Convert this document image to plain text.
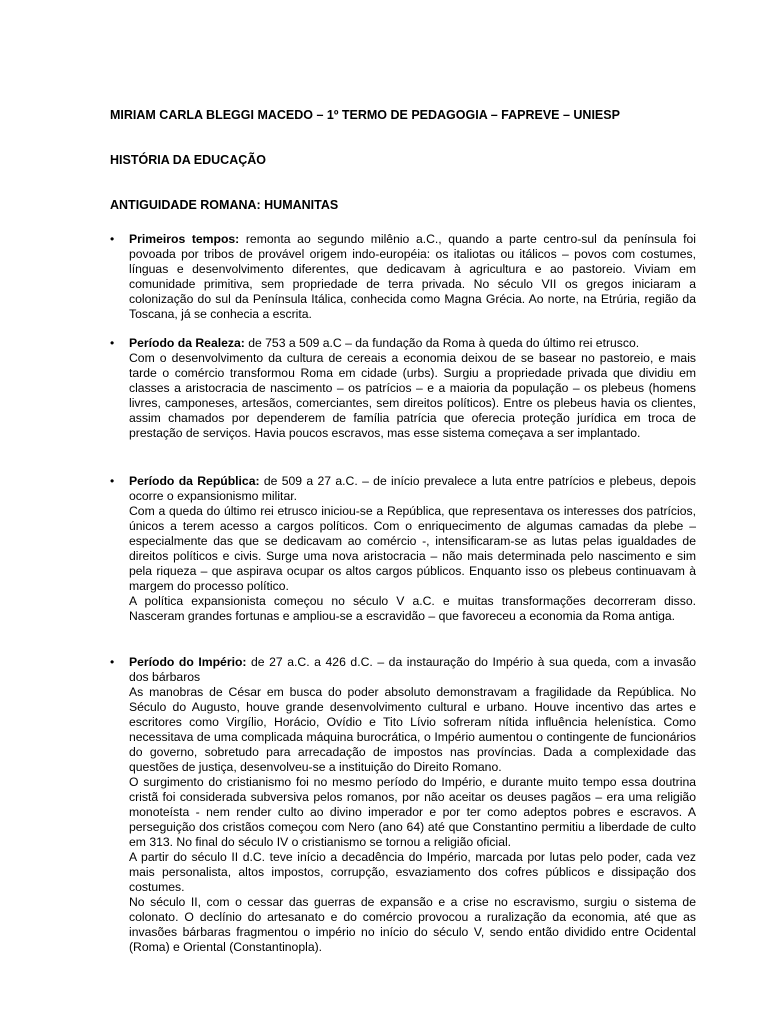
MIRIAM CARLA BLEGGI MACEDO – 1º TERMO DE PEDAGOGIA – FAPREVE – UNIESP
HISTÓRIA DA EDUCAÇÃO
ANTIGUIDADE ROMANA: HUMANITAS
• Primeiros tempos: remonta ao segundo milênio a.C., quando a parte centro-sul da península foi povoada por tribos de provável origem indo-européia: os italiotas ou itálicos – povos com costumes, línguas e desenvolvimento diferentes, que dedicavam à agricultura e ao pastoreio. Viviam em comunidade primitiva, sem propriedade de terra privada. No século VII os gregos iniciaram a colonização do sul da Península Itálica, conhecida como Magna Grécia. Ao norte, na Etrúria, região da Toscana, já se conhecia a escrita.

• Período da Realeza: de 753 a 509 a.C – da fundação da Roma à queda do último rei etrusco.

Com o desenvolvimento da cultura de cereais a economia deixou de se basear no pastoreio, e mais tarde o comércio transformou Roma em cidade (urbs). Surgiu a propriedade privada que dividiu em classes a aristocracia de nascimento – os patrícios – e a maioria da população – os plebeus (homens livres, camponeses, artesãos, comerciantes, sem direitos políticos). Entre os plebeus havia os clientes, assim chamados por dependerem de família patrícia que oferecia proteção jurídica em troca de prestação de serviços. Havia poucos escravos, mas esse sistema começava a ser implantado.

• Período da República: de 509 a 27 a.C. – de início prevalece a luta entre patrícios e plebeus, depois ocorre o expansionismo militar.

Com a queda do último rei etrusco iniciou-se a República, que representava os interesses dos patrícios, únicos a terem acesso a cargos políticos. Com o enriquecimento de algumas camadas da plebe – especialmente das que se dedicavam ao comércio -, intensificaram-se as lutas pelas igualdades de direitos políticos e civis. Surge uma nova aristocracia – não mais determinada pelo nascimento e sim pela riqueza – que aspirava ocupar os altos cargos públicos. Enquanto isso os plebeus continuavam à margem do processo político.

A política expansionista começou no século V a.C. e muitas transformações decorreram disso. Nasceram grandes fortunas e ampliou-se a escravidão – que favoreceu a economia da Roma antiga.

• Período do Império: de 27 a.C. a 426 d.C. – da instauração do Império à sua queda, com a invasão dos bárbaros

As manobras de César em busca do poder absoluto demonstravam a fragilidade da República. No Século do Augusto, houve grande desenvolvimento cultural e urbano. Houve incentivo das artes e escritores como Virgílio, Horácio, Ovídio e Tito Lívio sofreram nítida influência helenística. Como necessitava de uma complicada máquina burocrática, o Império aumentou o contingente de funcionários do governo, sobretudo para arrecadação de impostos nas províncias. Dada a complexidade das questões de justiça, desenvolveu-se a instituição do Direito Romano.

O surgimento do cristianismo foi no mesmo período do Império, e durante muito tempo essa doutrina cristã foi considerada subversiva pelos romanos, por não aceitar os deuses pagãos – era uma religião monoteísta - nem render culto ao divino imperador e por ter como adeptos pobres e escravos. A perseguição dos cristãos começou com Nero (ano 64) até que Constantino permitiu a liberdade de culto em 313. No final do século IV o cristianismo se tornou a religião oficial.

A partir do século II d.C. teve início a decadência do Império, marcada por lutas pelo poder, cada vez mais personalista, altos impostos, corrupção, esvaziamento dos cofres públicos e dissipação dos costumes.

No século II, com o cessar das guerras de expansão e a crise no escravismo, surgiu o sistema de colonato. O declínio do artesanato e do comércio provocou a ruralização da economia, até que as invasões bárbaras fragmentou o império no início do século V, sendo então dividido entre Ocidental (Roma) e Oriental (Constantinopla).
